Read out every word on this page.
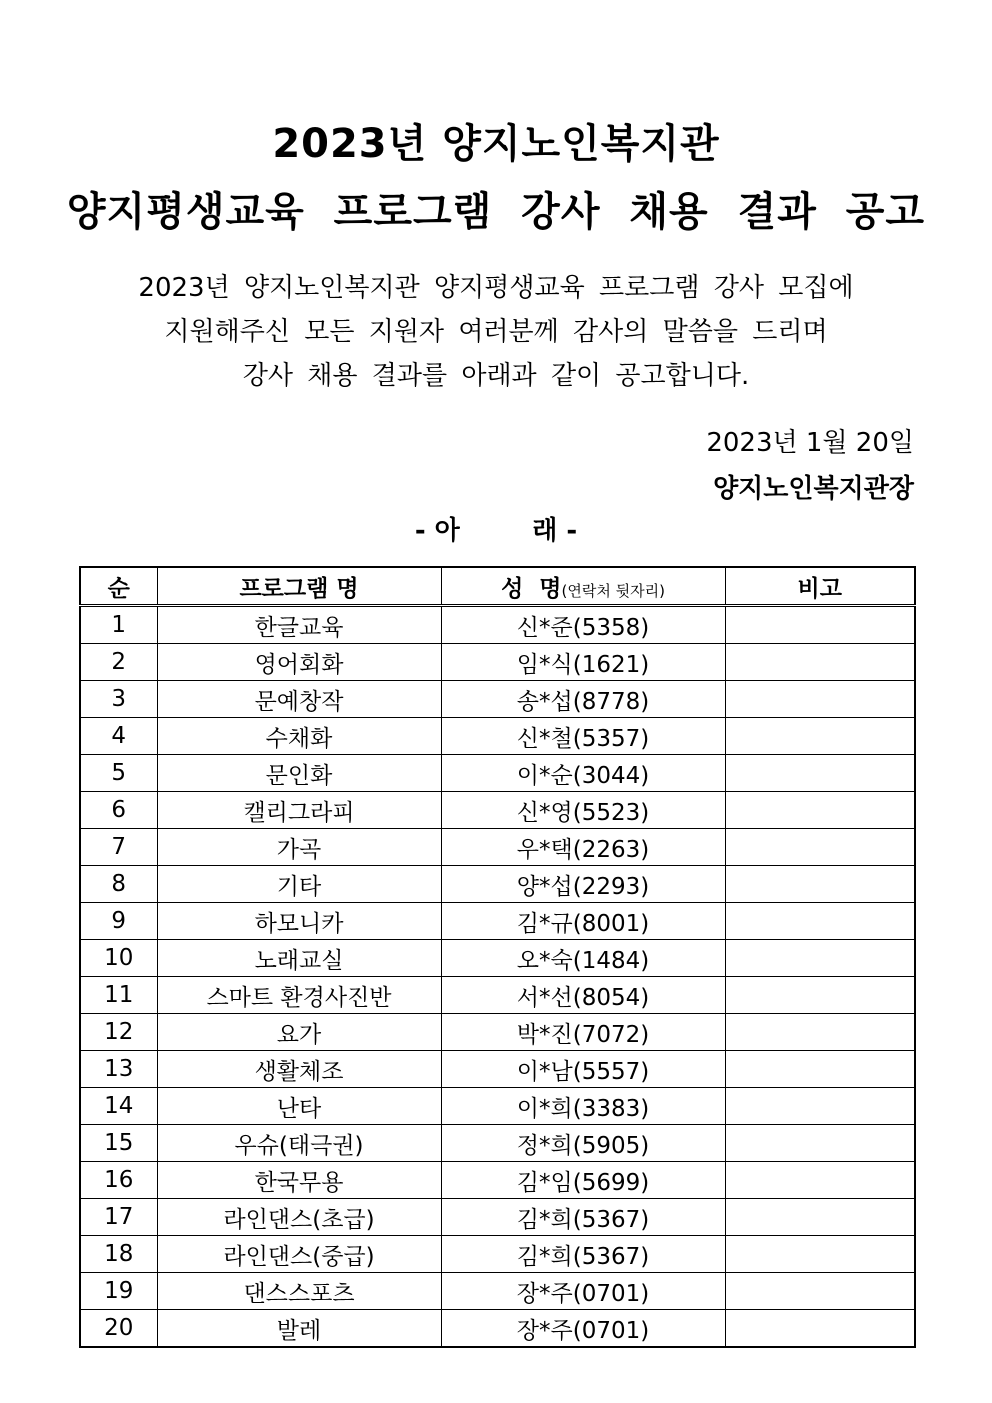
2023년 양지노인복지관
양지평생교육 프로그램 강사 채용 결과 공고
2023년 양지노인복지관 양지평생교육 프로그램 강사 모집에
지원해주신 모든 지원자 여러분께 감사의 말씀을 드리며
강사 채용 결과를 아래과 같이 공고합니다.
2023년 1월 20일
양지노인복지관장
- 아        래 -
순	프로그램 명	성  명(연락처 뒷자리)	비고
1	한글교육	신*준(5358)	
2	영어회화	임*식(1621)	
3	문예창작	송*섭(8778)	
4	수채화	신*철(5357)	
5	문인화	이*순(3044)	
6	캘리그라피	신*영(5523)	
7	가곡	우*택(2263)	
8	기타	양*섭(2293)	
9	하모니카	김*규(8001)	
10	노래교실	오*숙(1484)	
11	스마트 환경사진반	서*선(8054)	
12	요가	박*진(7072)	
13	생활체조	이*남(5557)	
14	난타	이*희(3383)	
15	우슈(태극권)	정*희(5905)	
16	한국무용	김*임(5699)	
17	라인댄스(초급)	김*희(5367)	
18	라인댄스(중급)	김*희(5367)	
19	댄스스포츠	장*주(0701)	
20	발레	장*주(0701)	
